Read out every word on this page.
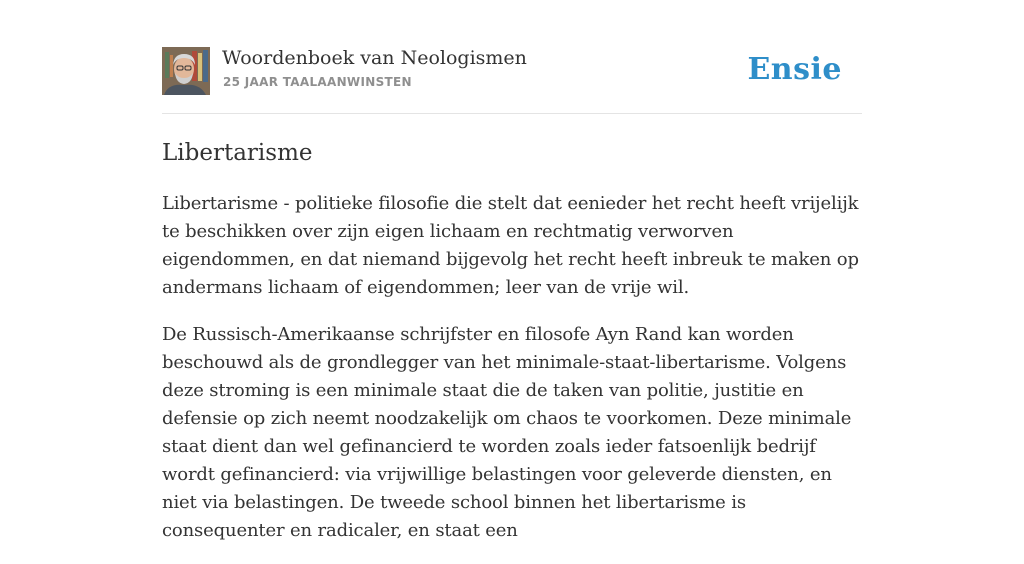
Woordenboek van Neologismen
25 JAAR TAALAANWINSTEN	Ensie
Libertarisme

Libertarisme - politieke filosofie die stelt dat eenieder het recht heeft vrijelijk te beschikken over zijn eigen lichaam en rechtmatig verworven eigendommen, en dat niemand bijgevolg het recht heeft inbreuk te maken op andermans lichaam of eigendommen; leer van de vrije wil.

De Russisch-Amerikaanse schrijfster en filosofe Ayn Rand kan worden beschouwd als de grondlegger van het minimale-staat-libertarisme. Volgens deze stroming is een minimale staat die de taken van politie, justitie en defensie op zich neemt noodzakelijk om chaos te voorkomen. Deze minimale staat dient dan wel gefinancierd te worden zoals ieder fatsoenlijk bedrijf wordt gefinancierd: via vrijwillige belastingen voor geleverde diensten, en niet via belastingen. De tweede school binnen het libertarisme is consequenter en radicaler, en staat een
